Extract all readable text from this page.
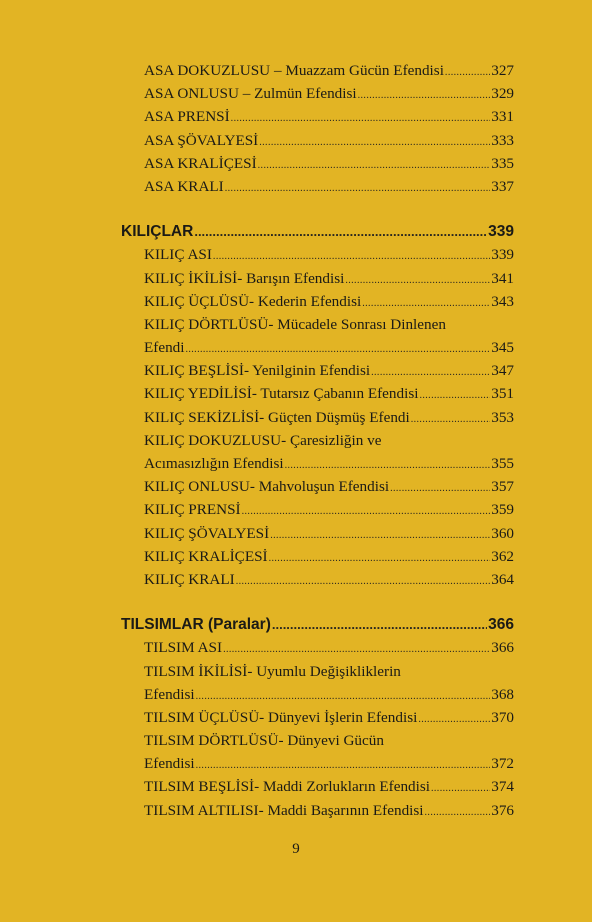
ASA DOKUZLUSU – Muazzam Gücün Efendisi .....	327
ASA ONLUSU – Zulmün Efendisi .....	329
ASA PRENSİ .....	331
ASA ŞÖVALYESİ .....	333
ASA KRALİÇESİ .....	335
ASA KRALI .....	337
KILIÇLAR .....	339
KILIÇ ASI .....	339
KILIÇ İKİLİSİ- Barışın Efendisi .....	341
KILIÇ ÜÇLÜSÜ- Kederin Efendisi .....	343
KILIÇ DÖRTLÜSÜ- Mücadele Sonrası Dinlenen
Efendi .....	345
KILIÇ BEŞLİSİ- Yenilginin Efendisi .....	347
KILIÇ YEDİLİSİ- Tutarsız Çabanın Efendisi .....	351
KILIÇ SEKİZLİSİ- Güçten Düşmüş Efendi .....	353
KILIÇ DOKUZLUSU- Çaresizliğin ve
Acımasızlığın Efendisi .....	355
KILIÇ ONLUSU- Mahvoluşun Efendisi .....	357
KILIÇ PRENSİ .....	359
KILIÇ ŞÖVALYESİ .....	360
KILIÇ KRALİÇESİ .....	362
KILIÇ KRALI .....	364
TILSIMLAR (Paralar) .....	366
TILSIM ASI .....	366
TILSIM İKİLİSİ- Uyumlu Değişikliklerin
Efendisi .....	368
TILSIM ÜÇLÜSÜ- Dünyevi İşlerin Efendisi .....	370
TILSIM DÖRTLÜSÜ- Dünyevi Gücün
Efendisi .....	372
TILSIM BEŞLİSİ- Maddi Zorlukların Efendisi .....	374
TILSIM ALTILISI- Maddi Başarının Efendisi .....	376
9
